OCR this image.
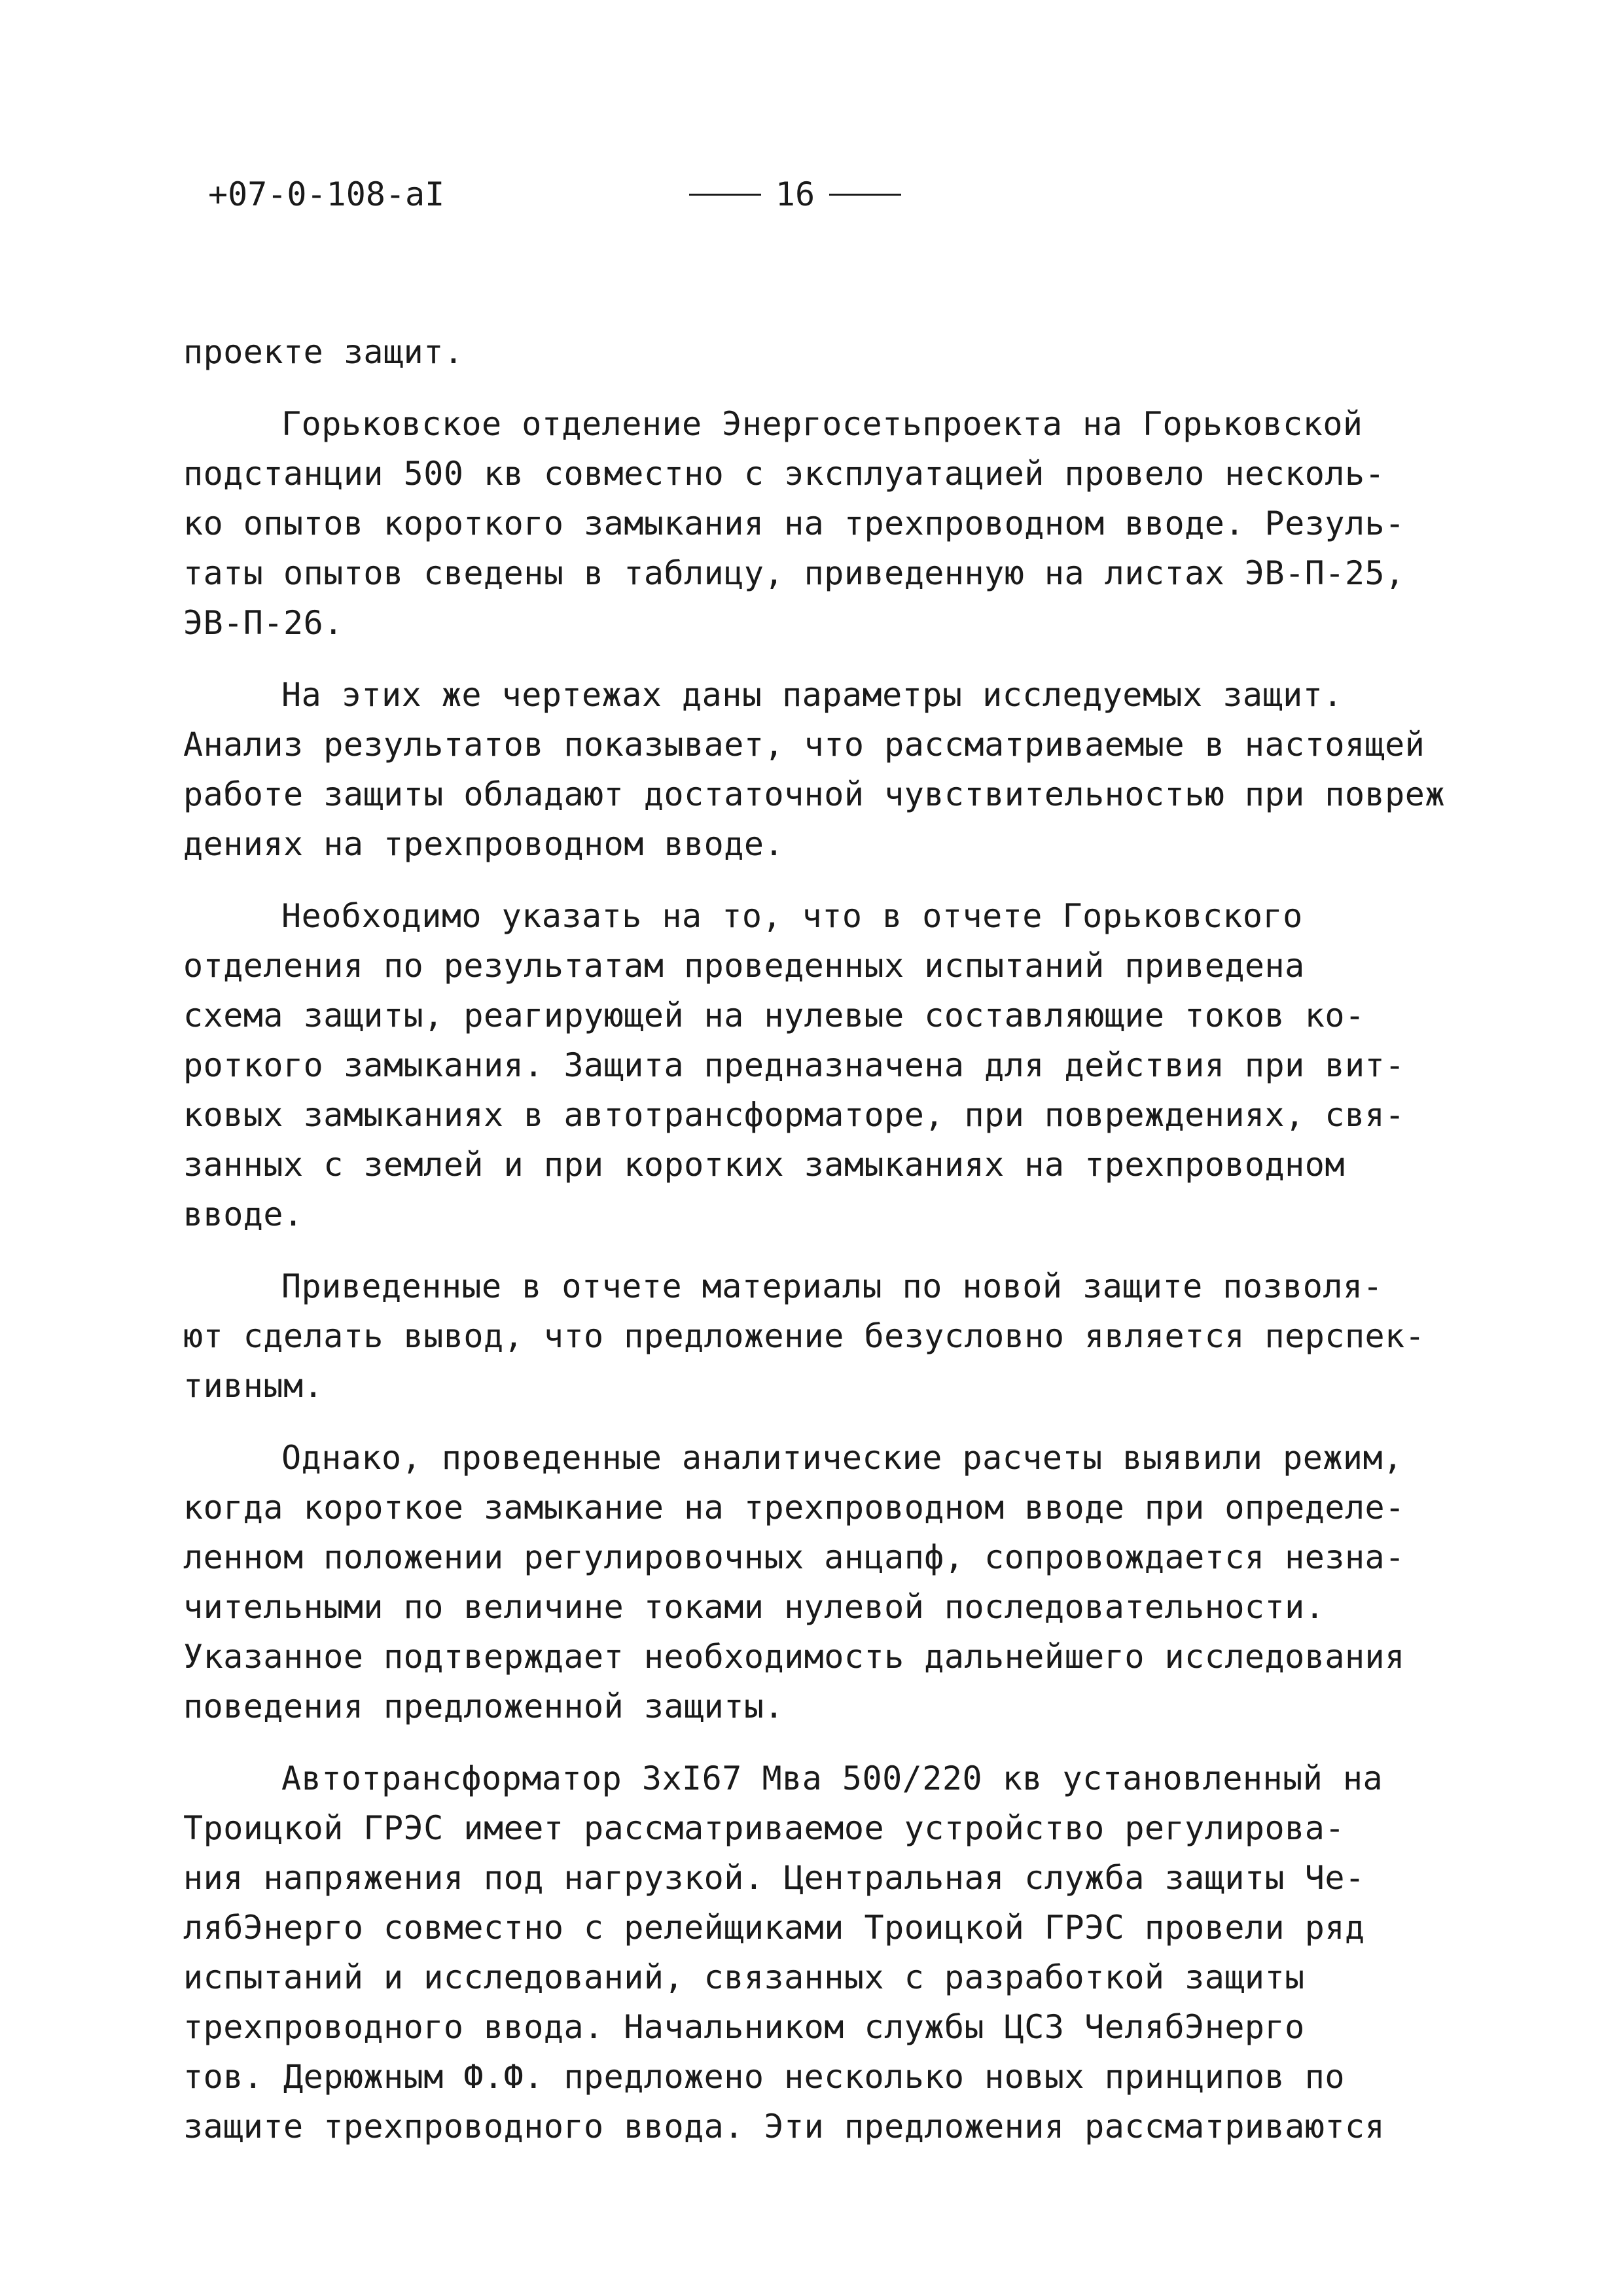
+07-0-108-aI	16
проекте защит.
Горьковское отделение Энергосетьпроекта на Горьковской
подстанции 500 кв совместно с эксплуатацией провело несколь-
ко опытов короткого замыкания на трехпроводном вводе. Резуль-
таты опытов сведены в таблицу, приведенную на листах ЭВ-П-25,
ЭВ-П-26.
На этих же чертежах даны параметры исследуемых защит.
Анализ результатов показывает, что рассматриваемые в настоящей
работе защиты обладают достаточной чувствительностью при повреж
дениях на трехпроводном вводе.
Необходимо указать на то, что в отчете Горьковского
отделения по результатам проведенных испытаний приведена
схема защиты, реагирующей на нулевые составляющие токов ко-
роткого замыкания. Защита предназначена для действия при вит-
ковых замыканиях в автотрансформаторе, при повреждениях, свя-
занных с землей и при коротких замыканиях на трехпроводном
вводе.
Приведенные в отчете материалы по новой защите позволя-
ют сделать вывод, что предложение безусловно является перспек-
тивным.
Однако, проведенные аналитические расчеты выявили режим,
когда короткое замыкание на трехпроводном вводе при определе-
ленном положении регулировочных анцапф, сопровождается незна-
чительными по величине токами нулевой последовательности.
Указанное подтверждает необходимость дальнейшего исследования
поведения предложенной защиты.
Автотрансформатор 3хI67 Мва 500/220 кв установленный на
Троицкой ГРЭС имеет рассматриваемое устройство регулирова-
ния напряжения под нагрузкой. Центральная служба защиты Че-
лябЭнерго совместно с релейщиками Троицкой ГРЭС провели ряд
испытаний и исследований, связанных с разработкой защиты
трехпроводного ввода. Начальником службы ЦСЗ ЧелябЭнерго
тов. Дерюжным Ф.Ф. предложено несколько новых принципов по
защите трехпроводного ввода. Эти предложения рассматриваются
